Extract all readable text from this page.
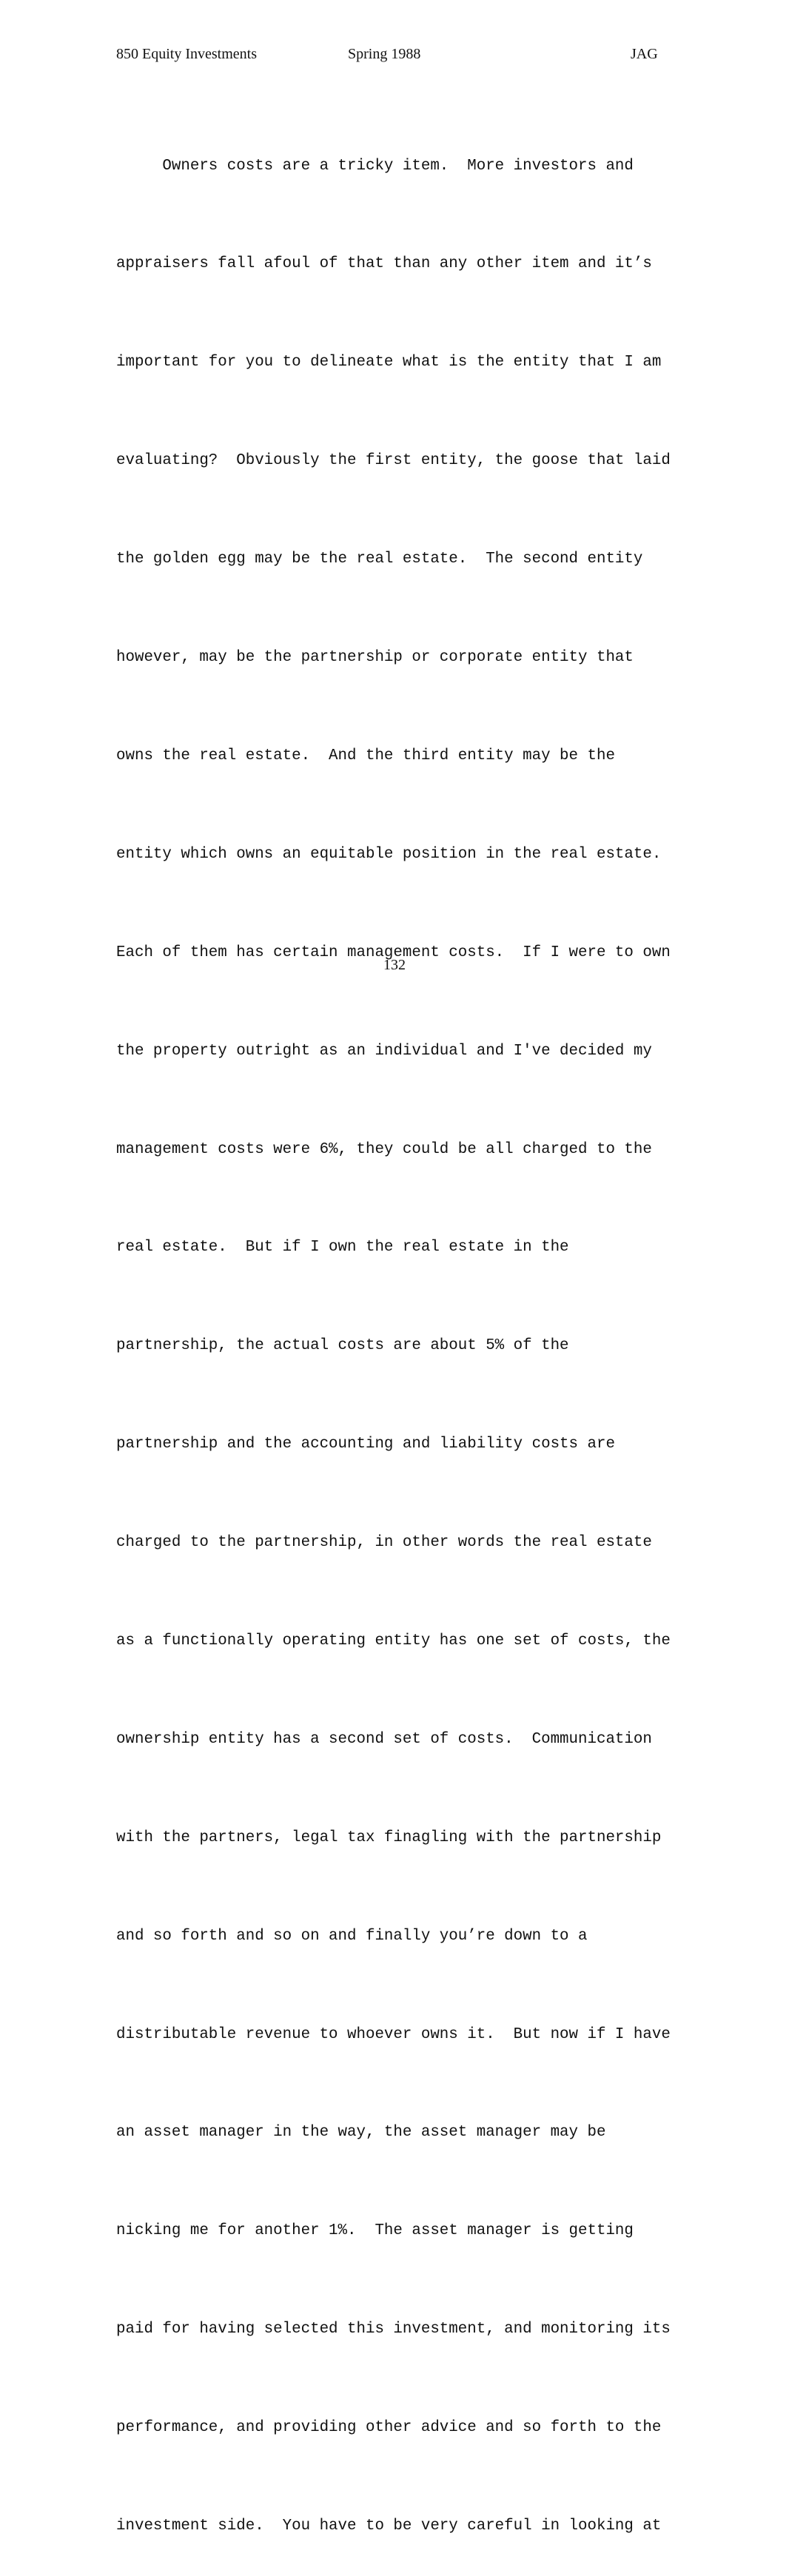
850 Equity Investments	Spring 1988	JAG

Owners costs are a tricky item.  More investors and

appraisers fall afoul of that than any other item and it’s

important for you to delineate what is the entity that I am

evaluating?  Obviously the first entity, the goose that laid

the golden egg may be the real estate.  The second entity

however, may be the partnership or corporate entity that

owns the real estate.  And the third entity may be the

entity which owns an equitable position in the real estate.

Each of them has certain management costs.  If I were to own

the property outright as an individual and I've decided my

management costs were 6%, they could be all charged to the

real estate.  But if I own the real estate in the

partnership, the actual costs are about 5% of the

partnership and the accounting and liability costs are

charged to the partnership, in other words the real estate

as a functionally operating entity has one set of costs, the

ownership entity has a second set of costs.  Communication

with the partners, legal tax finagling with the partnership

and so forth and so on and finally you’re down to a

distributable revenue to whoever owns it.  But now if I have

an asset manager in the way, the asset manager may be

nicking me for another 1%.  The asset manager is getting

paid for having selected this investment, and monitoring its

performance, and providing other advice and so forth to the

investment side.  You have to be very careful in looking at

132
